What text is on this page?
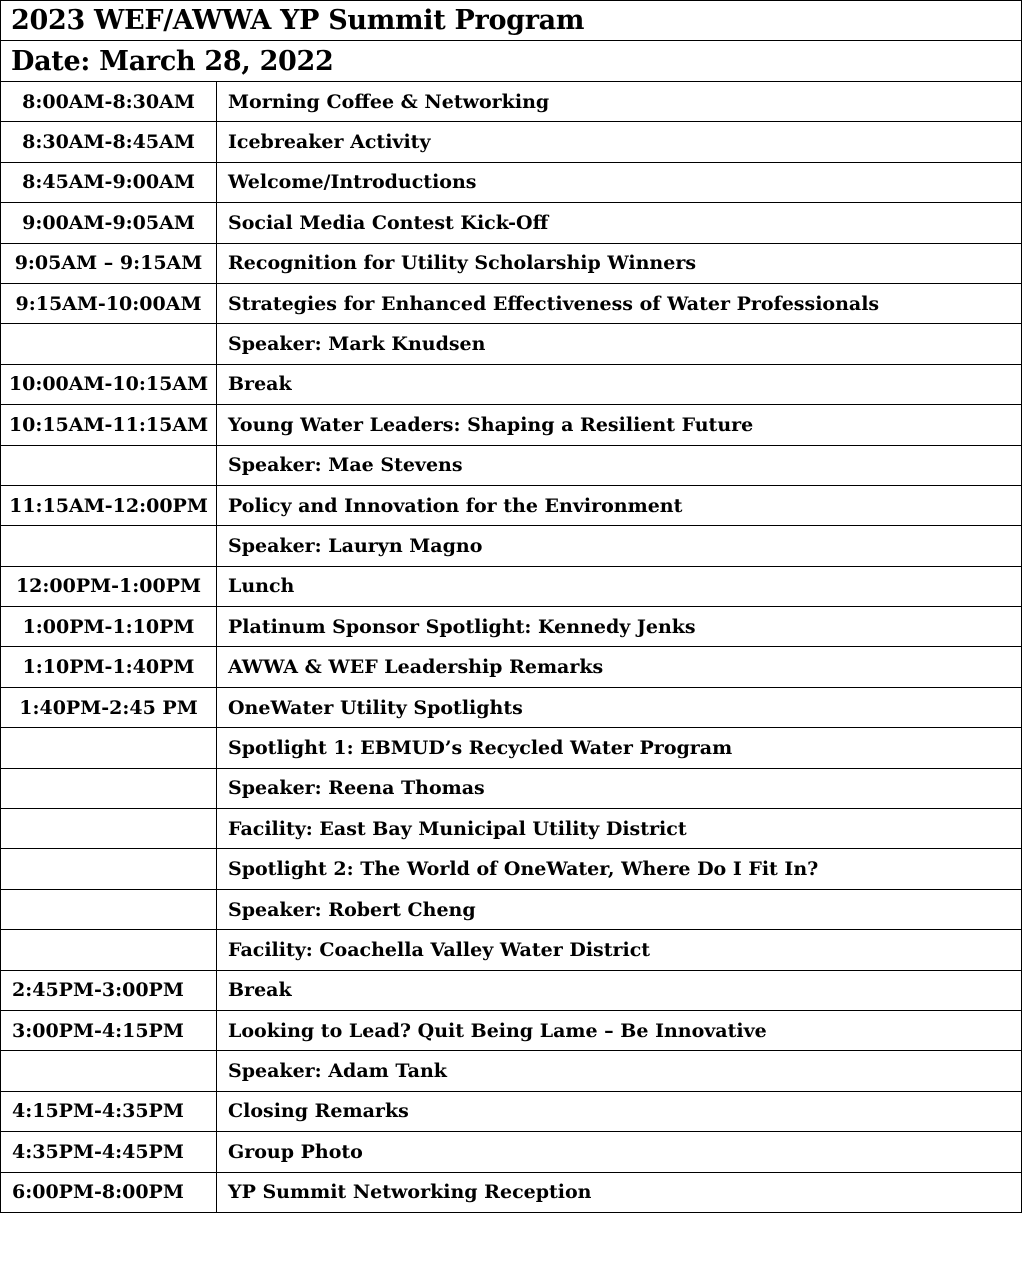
2023 WEF/AWWA YP Summit Program
Date: March 28, 2022
8:00AM-8:30AM	Morning Coffee & Networking
8:30AM-8:45AM	Icebreaker Activity
8:45AM-9:00AM	Welcome/Introductions
9:00AM-9:05AM	Social Media Contest Kick-Off
9:05AM – 9:15AM	Recognition for Utility Scholarship Winners
9:15AM-10:00AM	Strategies for Enhanced Effectiveness of Water Professionals
	Speaker: Mark Knudsen
10:00AM-10:15AM	Break
10:15AM-11:15AM	Young Water Leaders: Shaping a Resilient Future
	Speaker: Mae Stevens
11:15AM-12:00PM	Policy and Innovation for the Environment
	Speaker: Lauryn Magno
12:00PM-1:00PM	Lunch
1:00PM-1:10PM	Platinum Sponsor Spotlight: Kennedy Jenks
1:10PM-1:40PM	AWWA & WEF Leadership Remarks
1:40PM-2:45 PM	OneWater Utility Spotlights
	Spotlight 1: EBMUD’s Recycled Water Program
	Speaker: Reena Thomas
	Facility: East Bay Municipal Utility District
	Spotlight 2: The World of OneWater, Where Do I Fit In?
	Speaker: Robert Cheng
	Facility: Coachella Valley Water District
2:45PM-3:00PM	Break
3:00PM-4:15PM	Looking to Lead? Quit Being Lame – Be Innovative
	Speaker: Adam Tank
4:15PM-4:35PM	Closing Remarks
4:35PM-4:45PM	Group Photo
6:00PM-8:00PM	YP Summit Networking Reception
